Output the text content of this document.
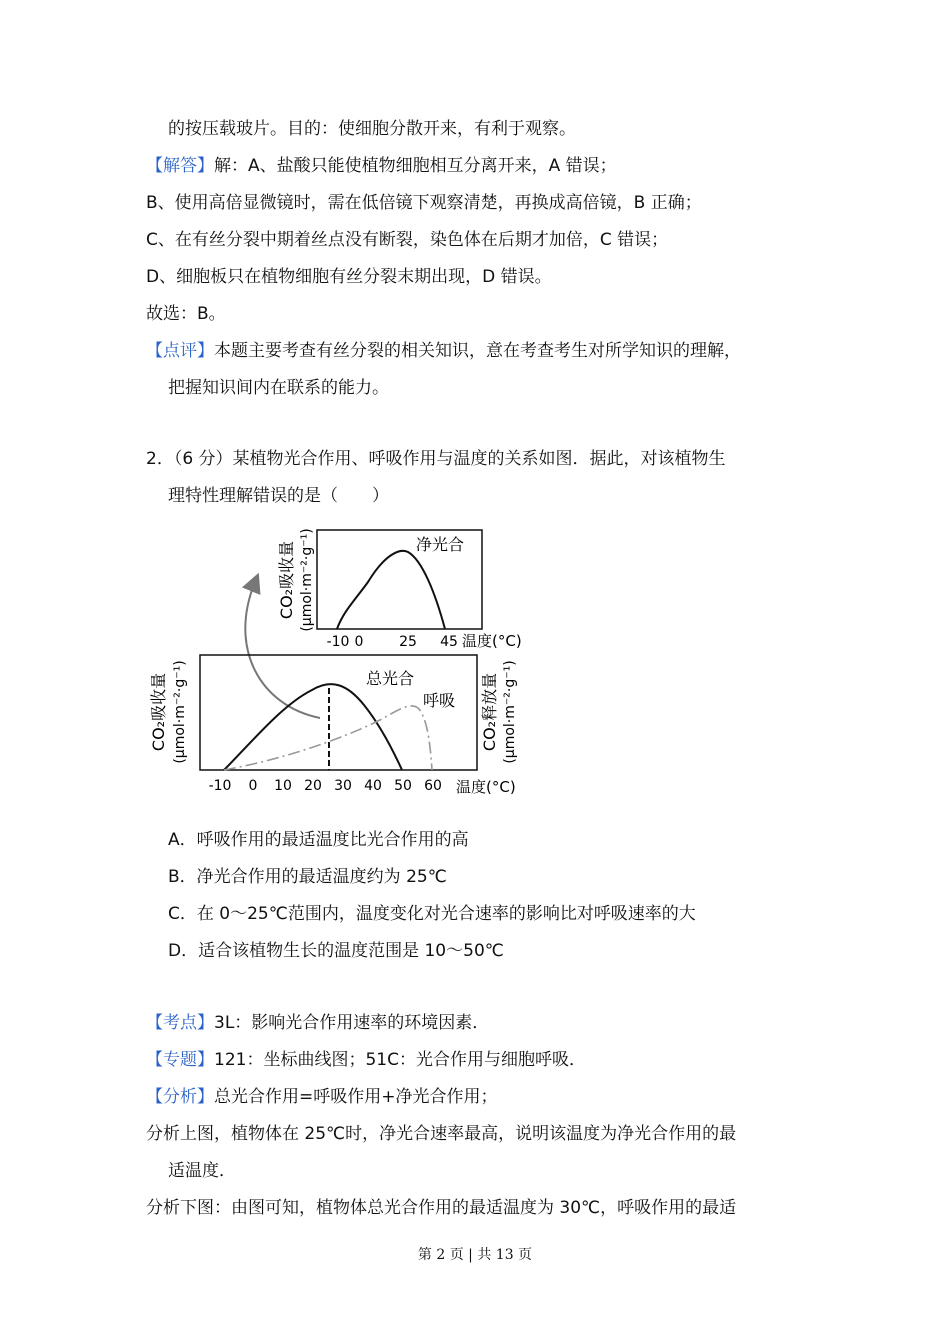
的按压载玻片。目的：使细胞分散开来，有利于观察。
【解答】解：A、盐酸只能使植物细胞相互分离开来，A 错误；
B、使用高倍显微镜时，需在低倍镜下观察清楚，再换成高倍镜，B 正确；
C、在有丝分裂中期着丝点没有断裂，染色体在后期才加倍，C 错误；
D、细胞板只在植物细胞有丝分裂末期出现，D 错误。
故选：B。
【点评】本题主要考查有丝分裂的相关知识，意在考查考生对所学知识的理解，
把握知识间内在联系的能力。
2．（6 分）某植物光合作用、呼吸作用与温度的关系如图．据此，对该植物生
理特性理解错误的是（　　）
净光合
CO₂吸收量 (μmol·m⁻²·g⁻¹)
-10 0	25 45 温度(°C)
总光合
呼吸
CO₂吸收量 (μmol·m⁻²·g⁻¹)	CO₂释放量 (μmol·m⁻²·g⁻¹)
-10 0 10 20 30 40 50 60 温度(°C)
A．呼吸作用的最适温度比光合作用的高
B．净光合作用的最适温度约为 25℃
C．在 0～25℃范围内，温度变化对光合速率的影响比对呼吸速率的大
D．适合该植物生长的温度范围是 10～50℃
【考点】3L：影响光合作用速率的环境因素．
【专题】121：坐标曲线图；51C：光合作用与细胞呼吸．
【分析】总光合作用=呼吸作用+净光合作用；
分析上图，植物体在 25℃时，净光合速率最高，说明该温度为净光合作用的最
适温度．
分析下图：由图可知，植物体总光合作用的最适温度为 30℃，呼吸作用的最适
第 2 页 | 共 13 页
